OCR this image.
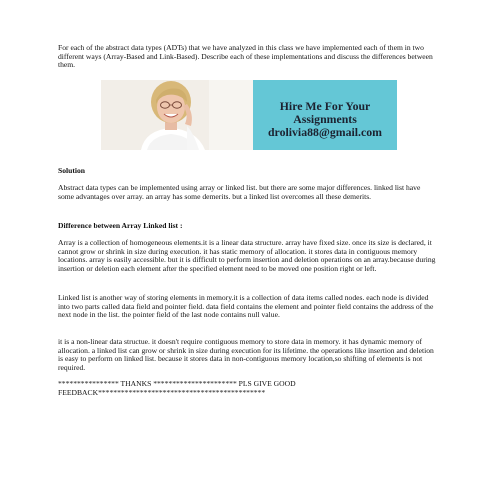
For each of the abstract data types (ADTs) that we have analyzed in this class we have implemented each of them in two different ways (Array-Based and Link-Based). Describe each of these implementations and discuss the differences between them.

Hire Me For Your
Assignments
drolivia88@gmail.com

Solution

Abstract data types can be implemented using array or linked list. but there are some major differences. linked list have some advantages over array. an array has some demerits. but a linked list overcomes all these demerits.

Difference between Array Linked list :

Array is a collection of homogeneous elements.it is a linear data structure. array have fixed size. once its size is declared, it cannot grow or shrink in size during execution. it has static memory of allocation. it stores data in contiguous memory locations. array is easily accessible. but it is difficult to perform insertion and deletion operations on an array.because during insertion or deletion each element after the specified element need to be moved one position right or left.

Linked list is another way of storing elements in memory.it is a collection of data items called nodes. each node is divided into two parts called data field and pointer field. data field contains the element and pointer field contains the address of the next node in the list. the pointer field of the last node contains null value.

it is a non-linear data structue. it doesn't require contiguous memory to store data in memory. it has dynamic memory of allocation. a linked list can grow or shrink in size during execution for its lifetime. the operations like insertion and deletion is easy to perform on linked list. because it stores data in non-contiguous memory location,so shifting of elements is not required.

**************** THANKS ********************** PLS GIVE GOOD FEEDBACK********************************************
